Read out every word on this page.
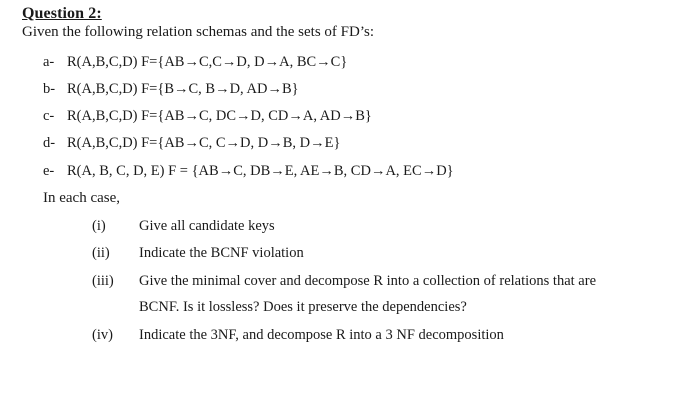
Question 2:
Given the following relation schemas and the sets of FD’s:
a- R(A,B,C,D) F={AB→C,C→D, D→A, BC→C}
b- R(A,B,C,D) F={B→C, B→D, AD→B}
c- R(A,B,C,D) F={AB→C, DC→D, CD→A, AD→B}
d- R(A,B,C,D) F={AB→C, C→D, D→B, D→E}
e- R(A, B, C, D, E) F = {AB→C, DB→E, AE→B, CD→A, EC→D}
In each case,
(i) Give all candidate keys
(ii) Indicate the BCNF violation
(iii) Give the minimal cover and decompose R into a collection of relations that are
BCNF. Is it lossless? Does it preserve the dependencies?
(iv) Indicate the 3NF, and decompose R into a 3 NF decomposition
